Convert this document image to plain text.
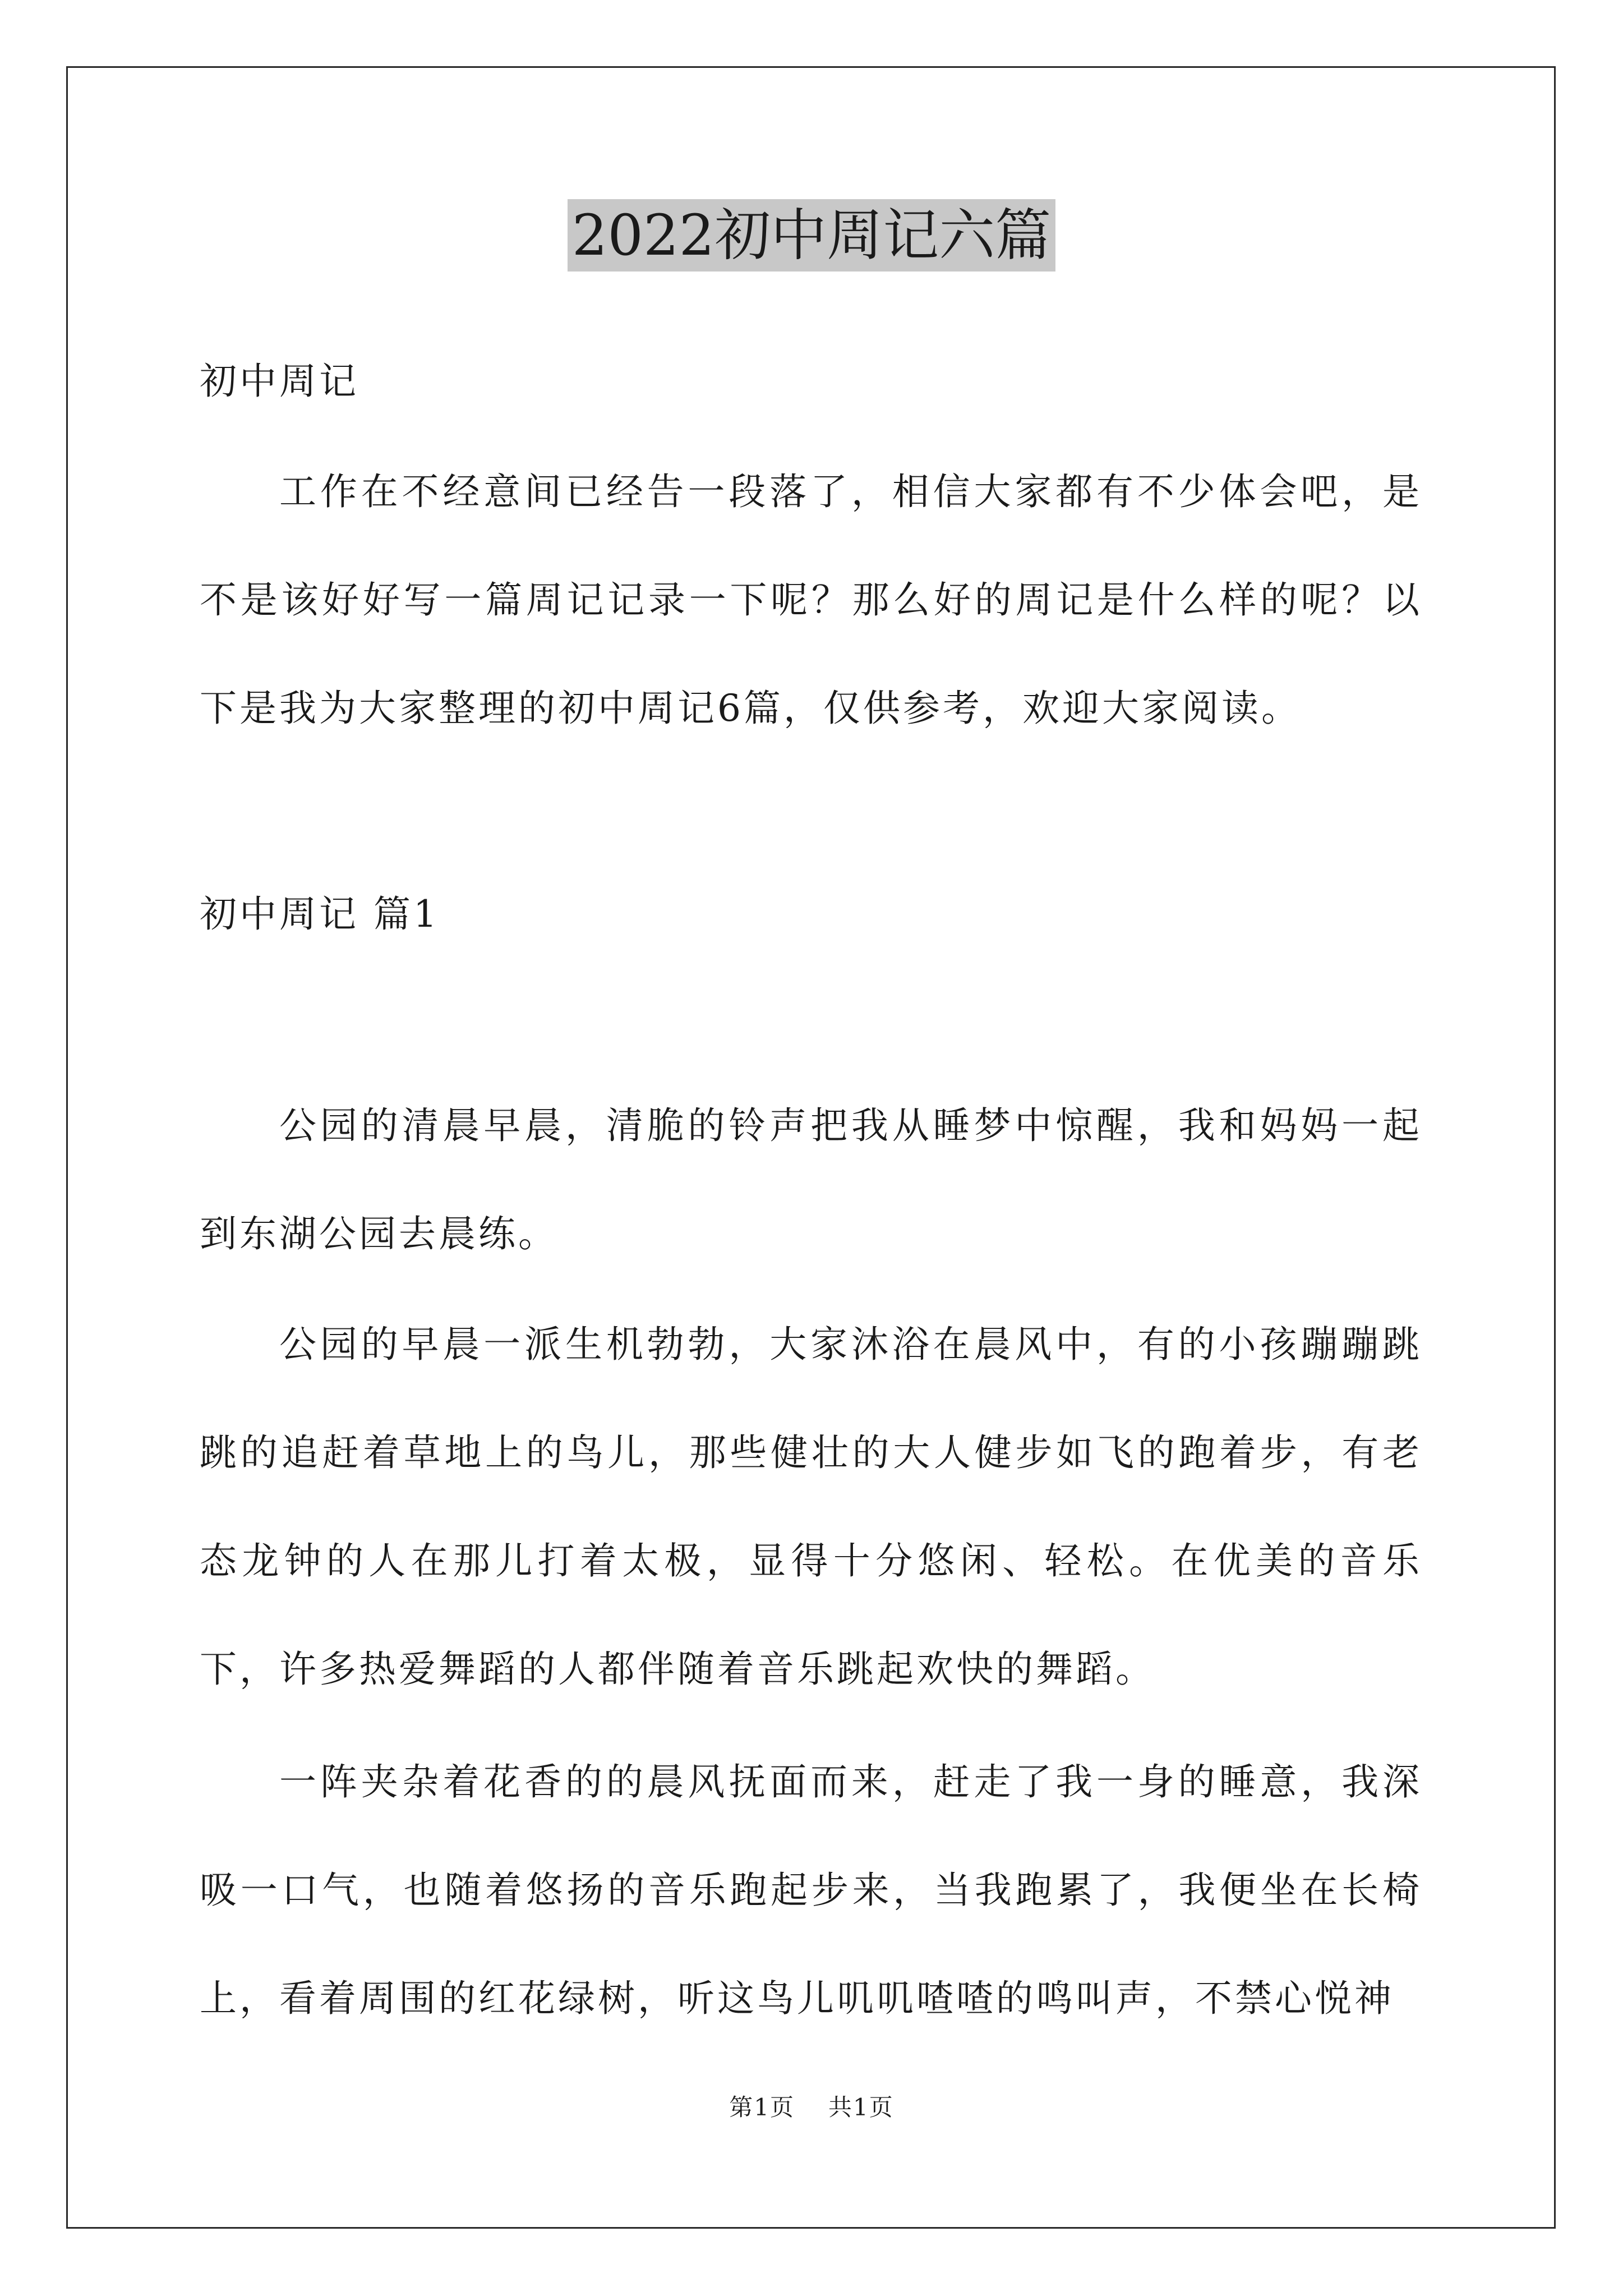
2022初中周记六篇
初中周记

工作在不经意间已经告一段落了，相信大家都有不少体会吧，是不是该好好写一篇周记记录一下呢？那么好的周记是什么样的呢？以下是我为大家整理的初中周记6篇，仅供参考，欢迎大家阅读。

初中周记 篇1

公园的清晨早晨，清脆的铃声把我从睡梦中惊醒，我和妈妈一起到东湖公园去晨练。

公园的早晨一派生机勃勃，大家沐浴在晨风中，有的小孩蹦蹦跳跳的追赶着草地上的鸟儿，那些健壮的大人健步如飞的跑着步，有老态龙钟的人在那儿打着太极，显得十分悠闲、轻松。在优美的音乐下，许多热爱舞蹈的人都伴随着音乐跳起欢快的舞蹈。

一阵夹杂着花香的的晨风抚面而来，赶走了我一身的睡意，我深吸一口气，也随着悠扬的音乐跑起步来，当我跑累了，我便坐在长椅上，看着周围的红花绿树，听这鸟儿叽叽喳喳的鸣叫声，不禁心悦神

第1页 共1页
